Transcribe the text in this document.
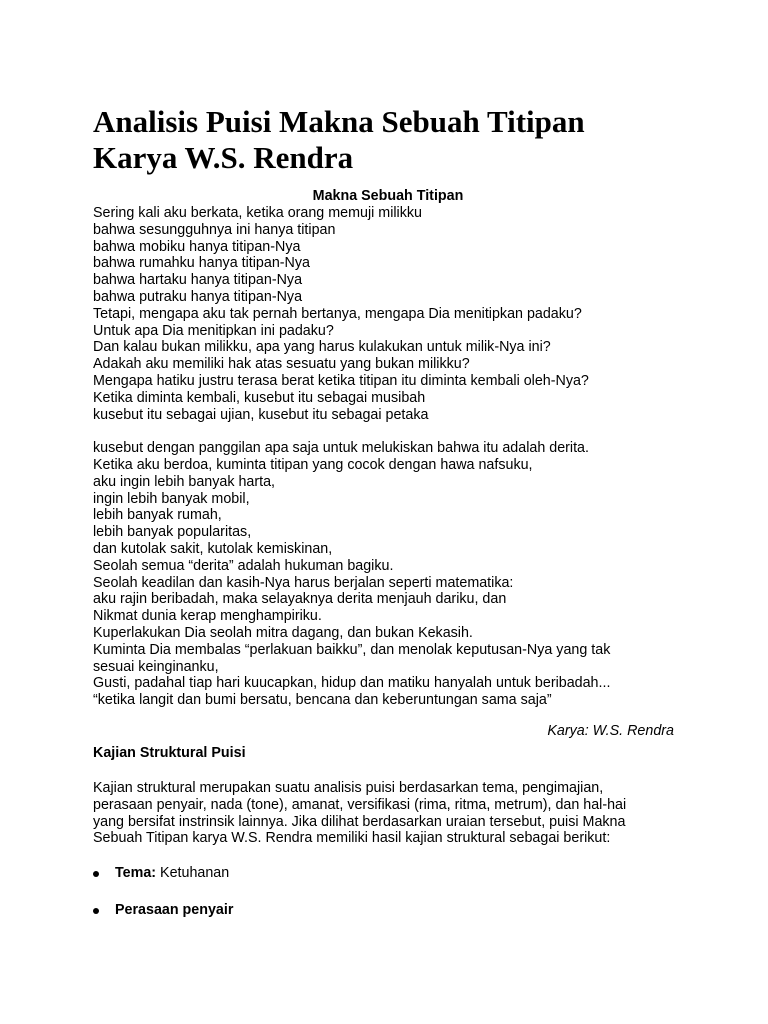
Analisis Puisi Makna Sebuah Titipan
Karya W.S. Rendra
Makna Sebuah Titipan
Sering kali aku berkata, ketika orang memuji milikku
bahwa sesungguhnya ini hanya titipan
bahwa mobiku hanya titipan-Nya
bahwa rumahku hanya titipan-Nya
bahwa hartaku hanya titipan-Nya
bahwa putraku hanya titipan-Nya
Tetapi, mengapa aku tak pernah bertanya, mengapa Dia menitipkan padaku?
Untuk apa Dia menitipkan ini padaku?
Dan kalau bukan milikku, apa yang harus kulakukan untuk milik-Nya ini?
Adakah aku memiliki hak atas sesuatu yang bukan milikku?
Mengapa hatiku justru terasa berat ketika titipan itu diminta kembali oleh-Nya?
Ketika diminta kembali, kusebut itu sebagai musibah
kusebut itu sebagai ujian, kusebut itu sebagai petaka
kusebut dengan panggilan apa saja untuk melukiskan bahwa itu adalah derita.
Ketika aku berdoa, kuminta titipan yang cocok dengan hawa nafsuku,
aku ingin lebih banyak harta,
ingin lebih banyak mobil,
lebih banyak rumah,
lebih banyak popularitas,
dan kutolak sakit, kutolak kemiskinan,
Seolah semua “derita” adalah hukuman bagiku.
Seolah keadilan dan kasih-Nya harus berjalan seperti matematika:
aku rajin beribadah, maka selayaknya derita menjauh dariku, dan
Nikmat dunia kerap menghampiriku.
Kuperlakukan Dia seolah mitra dagang, dan bukan Kekasih.
Kuminta Dia membalas “perlakuan baikku”, dan menolak keputusan-Nya yang tak
sesuai keinginanku,
Gusti, padahal tiap hari kuucapkan, hidup dan matiku hanyalah untuk beribadah...
“ketika langit dan bumi bersatu, bencana dan keberuntungan sama saja”
Karya: W.S. Rendra
Kajian Struktural Puisi
Kajian struktural merupakan suatu analisis puisi berdasarkan tema, pengimajian,
perasaan penyair, nada (tone), amanat, versifikasi (rima, ritma, metrum), dan hal-hai
yang bersifat instrinsik lainnya. Jika dilihat berdasarkan uraian tersebut, puisi Makna
Sebuah Titipan karya W.S. Rendra memiliki hasil kajian struktural sebagai berikut:
Tema: Ketuhanan
Perasaan penyair
